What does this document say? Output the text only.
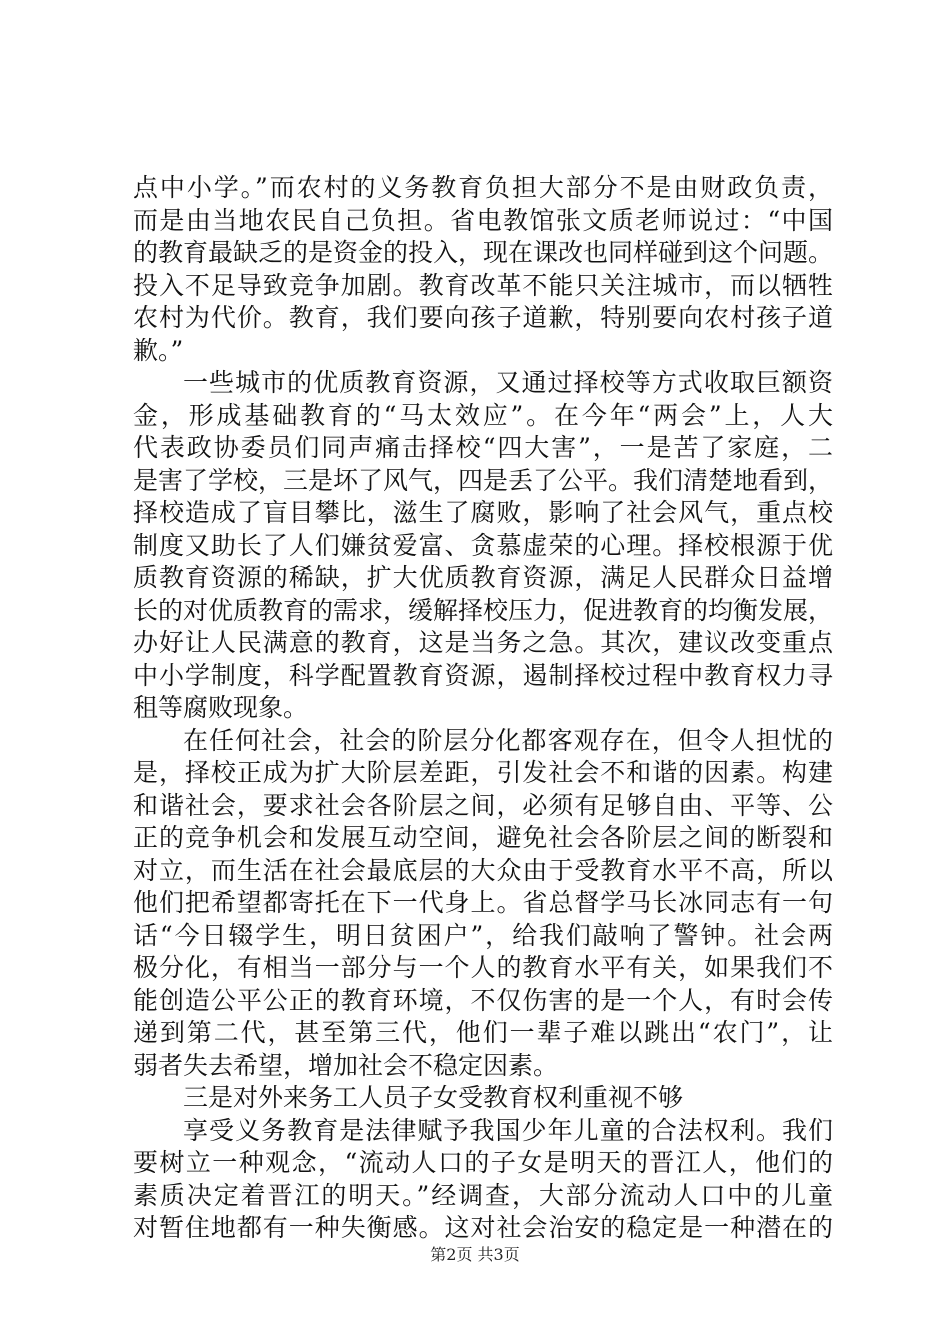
点中小学。”而农村的义务教育负担大部分不是由财政负责，
而是由当地农民自己负担。省电教馆张文质老师说过：“中国
的教育最缺乏的是资金的投入，现在课改也同样碰到这个问题。
投入不足导致竞争加剧。教育改革不能只关注城市，而以牺牲
农村为代价。教育，我们要向孩子道歉，特别要向农村孩子道
歉。”
一些城市的优质教育资源，又通过择校等方式收取巨额资
金，形成基础教育的“马太效应”。在今年“两会”上，人大
代表政协委员们同声痛击择校“四大害”，一是苦了家庭，二
是害了学校，三是坏了风气，四是丢了公平。我们清楚地看到，
择校造成了盲目攀比，滋生了腐败，影响了社会风气，重点校
制度又助长了人们嫌贫爱富、贪慕虚荣的心理。择校根源于优
质教育资源的稀缺，扩大优质教育资源，满足人民群众日益增
长的对优质教育的需求，缓解择校压力，促进教育的均衡发展，
办好让人民满意的教育，这是当务之急。其次，建议改变重点
中小学制度，科学配置教育资源，遏制择校过程中教育权力寻
租等腐败现象。
在任何社会，社会的阶层分化都客观存在，但令人担忧的
是，择校正成为扩大阶层差距，引发社会不和谐的因素。构建
和谐社会，要求社会各阶层之间，必须有足够自由、平等、公
正的竞争机会和发展互动空间，避免社会各阶层之间的断裂和
对立，而生活在社会最底层的大众由于受教育水平不高，所以
他们把希望都寄托在下一代身上。省总督学马长冰同志有一句
话“今日辍学生，明日贫困户”，给我们敲响了警钟。社会两
极分化，有相当一部分与一个人的教育水平有关，如果我们不
能创造公平公正的教育环境，不仅伤害的是一个人，有时会传
递到第二代，甚至第三代，他们一辈子难以跳出“农门”，让
弱者失去希望，增加社会不稳定因素。
三是对外来务工人员子女受教育权利重视不够
享受义务教育是法律赋予我国少年儿童的合法权利。我们
要树立一种观念，“流动人口的子女是明天的晋江人，他们的
素质决定着晋江的明天。”经调查，大部分流动人口中的儿童
对暂住地都有一种失衡感。这对社会治安的稳定是一种潜在的
第2页 共3页
